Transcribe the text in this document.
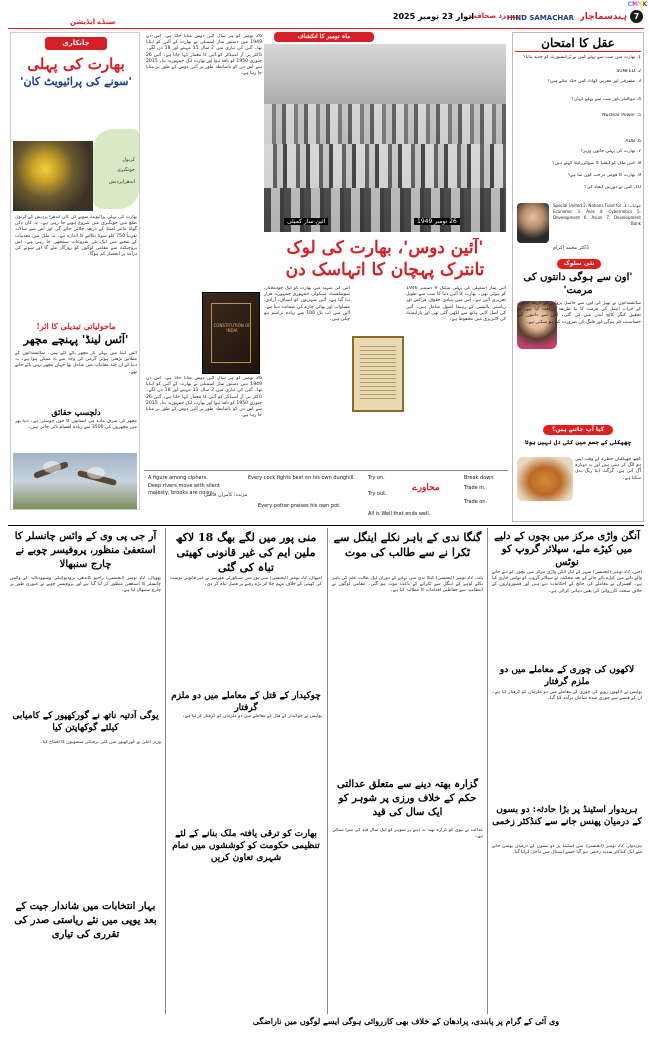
CMYK
7
ہندسماچار
HIND SAMACHAR
ہمدرد صحافت
اتوار 23 نومبر 2025
سنڈے ایڈیشن
جانکاری
بھارت کی پہلی
'سونے کی پرائیویٹ کان'
کرنول
جونگیری
آندھراپردیش
بھارت کی پہلی پرائیویٹ سونے کی کان آندھرا پردیش کے کرنول ضلع میں جونگیری میں شروع ہونے جا رہی ہے۔ یہ کان دکن گولڈ مائنز لمیٹڈ کے ذریعہ چلائی جائے گی اور اس سے سالانہ تقریباً 750 کلو سونا نکالنے کا اندازہ ہے۔ یہ ملک میں معدنیات کے شعبے میں ایک نئی شروعات سمجھی جا رہی ہے۔ اس پروجیکٹ سے مقامی لوگوں کو روزگار ملے گا اور سونے کی درآمد پر انحصار کم ہوگا۔
ماحولیاتی تبدیلی کا اثر!
'آئس لینڈ' پہنچے مچھر
آئس لینڈ میں پہلی بار مچھر پائے گئے ہیں۔ سائنسدانوں کے مطابق بڑھتی ہوئی گرمی کی وجہ سے یہ ممکن ہوا ہے۔ یہ دنیا کے ان چند مقامات میں شامل تھا جہاں مچھر نہیں پائے جاتے تھے۔
دلچسپ حقائق
مچھر کی صرف مادہ ہی انسانوں کا خون چوستی ہے۔ دنیا بھر میں مچھروں کی 3500 سے زیادہ اقسام پائی جاتی ہیں۔
ماہ نومبر کا انکشاف
26 نومبر کو ہر سال آئین دوس منایا جاتا ہے۔ اس دن 1949 میں دستور ساز اسمبلی نے بھارت کے آئین کو اپنایا تھا۔ آئین کی تیاری میں 2 سال 11 مہینے اور 18 دن لگے۔ ڈاکٹر بی آر امبیڈکر کو آئین کا معمار کہا جاتا ہے۔ آئین 26 جنوری 1950 کو نافذ ہوا اور بھارت ایک جمہوریہ بنا۔ 2015 سے اس دن کو باضابطہ طور پر آئین دوس کے طور پر منایا جا رہا ہے۔
آئین ساز کمیٹی	26 نومبر 1949
'آئین دوس'، بھارت کی لوک
تانترک پہچان کا اتہاسک دن
CONSTITUTION OF INDIA
آئین ساز اسمبلی کی پہلی میٹنگ 9 دسمبر 1946 کو ہوئی تھی۔ بھارت کا آئین دنیا کا سب سے طویل تحریری آئین ہے۔ اس میں بنیادی حقوق، فرائض اور ریاستی پالیسی کے رہنما اصول شامل ہیں۔ آئین کی اصل کاپی ہاتھ سے لکھی گئی تھی اور پارلیمنٹ کی لائبریری میں محفوظ ہے۔
آئین کی تمہید میں بھارت کو ایک خودمختار، سوشلسٹ، سیکولر، جمہوری جمہوریہ قرار دیا گیا ہے۔ آئین شہریوں کو انصاف، آزادی، مساوات اور بھائی چارے کی ضمانت دیتا ہے۔ آئین میں اب تک 100 سے زیادہ ترامیم ہو چکی ہیں۔
26 نومبر کو ہر سال آئین دوس منایا جاتا ہے۔ اس دن 1949 میں دستور ساز اسمبلی نے بھارت کے آئین کو اپنایا تھا۔ آئین کی تیاری میں 2 سال 11 مہینے اور 18 دن لگے۔ ڈاکٹر بی آر امبیڈکر کو آئین کا معمار کہا جاتا ہے۔ آئین 26 جنوری 1950 کو نافذ ہوا اور بھارت ایک جمہوریہ بنا۔ 2015 سے اس دن کو باضابطہ طور پر آئین دوس کے طور پر منایا جا رہا ہے۔
مرتب: کامران قاضی
محاورے
A figure among ciphers.
Deep rivers move with silent majesty, brooks are noisy.
Every cock fights best on his own dunghill.
Every potter praises his own pot.
Try on.
Try out.
Trade in.
Trade on.
All is Well that ends well.
Break down
عقل کا امتحان
1. بھارت میں سب سے پہلے کس نے ٹرانسپورٹ کو جدید بنایا؟
2. SUNFED
3. مشرقی اور مغربی گھاٹ کس جگہ ملتے ہیں؟
4. نیوکلیئر پاور سب سے پہلے کہاں؟
5. Nuclear Power
6. ADB
7. بھارت کی پہلی خاتون وزیر؟
8. کس ملک کو ایشیا کا سوئٹزرلینڈ کہتے ہیں؟
9. بھارت کا قومی درخت کون سا ہے؟
10. کس نے دوربین ایجاد کی؟
جوابات: 1. Special United 2. Nations Fund for Economic 3. Asia 4. Cybernetics 5. Development 6. Asian 7. Development Bank
ڈاکٹر محمد اکرام
نئی سلوک
'اون سے ہوگی دانتوں کی مرمت'
سائنسدانوں نے بھیڑ کی اون سے حاصل پروٹین کے ذریعہ دانتوں کے خراب انیمل کی مرمت کا نیا طریقہ دریافت کیا ہے۔ یہ تحقیق کنگز کالج لندن میں کی گئی۔ اس سے دانتوں کی حساسیت کم ہوگی اور فلنگ کی ضرورت کم ہو سکتی ہے۔
کیا آپ جانتے ہیں؟
چھپکلی کے جسم میں کئی دل نہیں ہوتا
کچھ چھپکلیاں خطرے کے وقت اپنی دم الگ کر دیتی ہیں اور یہ دوبارہ اُگ آتی ہے۔ گرگٹ اپنا رنگ بدل سکتا ہے۔
آنگن واڑی مرکز میں بچوں کے دلیے میں کیڑے ملے، سپلائر گروپ کو نوٹس
اجین، 22 نومبر (ایجنسی) شہر کے ایک آنگن واڑی مرکز میں بچوں کو دیے جانے والے دلیے میں کیڑے پائے جانے کے بعد محکمہ نے سپلائر گروپ کو نوٹس جاری کیا ہے۔ افسران نے معاملے کی جانچ کے احکامات دیے ہیں اور قصورواروں کے خلاف سخت کارروائی کی یقین دہانی کرائی ہے۔
لاکھوں کی چوری کے معاملے میں دو ملزم گرفتار
پولیس نے لاکھوں روپے کی چوری کے معاملے میں دو ملزمان کو گرفتار کیا ہے۔ ان کے قبضے سے چوری شدہ سامان برآمد کیا گیا۔
ہریدوار اسٹینڈ پر بڑا حادثہ: دو بسوں کے درمیان پھنس جانے سے کنڈکٹر زخمی
ہریدوار، 22 نومبر (ایجنسی) بس اسٹینڈ پر دو بسوں کے درمیان پھنس جانے سے ایک کنڈکٹر شدید زخمی ہو گیا جسے اسپتال میں داخل کرایا گیا۔
گنگا ندی کے باہر نکلے اینگل سے ٹکرا نے سے طالب کی موت
پٹنہ، 22 نومبر (ایجنسی) گنگا ندی میں نہانے کے دوران ایک طالب علم کی باہر نکلے لوہے کے اینگل سے ٹکرانے کے باعث موت ہو گئی۔ مقامی لوگوں نے انتظامیہ سے حفاظتی اقدامات کا مطالبہ کیا ہے۔
گزارہ بھتہ دینے سے متعلق عدالتی حکم کے خلاف ورزی پر شوہر کو ایک سال کی قید
عدالت نے بیوی کو گزارہ بھتہ نہ دینے پر شوہر کو ایک سال قید کی سزا سنائی ہے۔
منی پور میں لگے بھگ 18 لاکھ ملین ایم کی غیر قانونی کھیتی تباہ کی گئی
امپھال، 22 نومبر (ایجنسی) منی پور میں سیکورٹی فورسز نے غیر قانونی پوست کی کھیتی کے خلاف مہم چلا کر بڑے رقبے پر فصل تباہ کر دی۔
چوکیدار کے قتل کے معاملے میں دو ملزم گرفتار
پولیس نے چوکیدار کے قتل کے معاملے میں دو ملزمان کو گرفتار کر لیا ہے۔
بھارت کو ترقی یافتہ ملک بنانے کے لئے تنظیمی حکومت کو کوششوں میں تمام شہری تعاون کریں
آر جی پی وی کے وائس چانسلر کا استعفیٰ منظور، پروفیسر چوبے نے چارج سنبھالا
بھوپال، 22 نومبر (ایجنسی) راجیو گاندھی پرودیوگیکی وشوودیالیہ کے وائس چانسلر کا استعفیٰ منظور کر لیا گیا ہے اور پروفیسر چوبے نے عبوری طور پر چارج سنبھال لیا ہے۔
یوگی آدتیہ ناتھ نے گورکھپور کے کامیابی کیلئے گوکھاپتن کیا
وزیر اعلیٰ نے گورکھپور میں کئی ترقیاتی منصوبوں کا افتتاح کیا۔
بہار انتخابات میں شاندار جیت کے بعد یوپی میں نئے ریاستی صدر کی تقرری کی تیاری
وی آئی کے گرام پر پابندی، پرادھان کے خلاف بھی کارروائی ہوگی ایسے لوگوں میں ناراضگی
